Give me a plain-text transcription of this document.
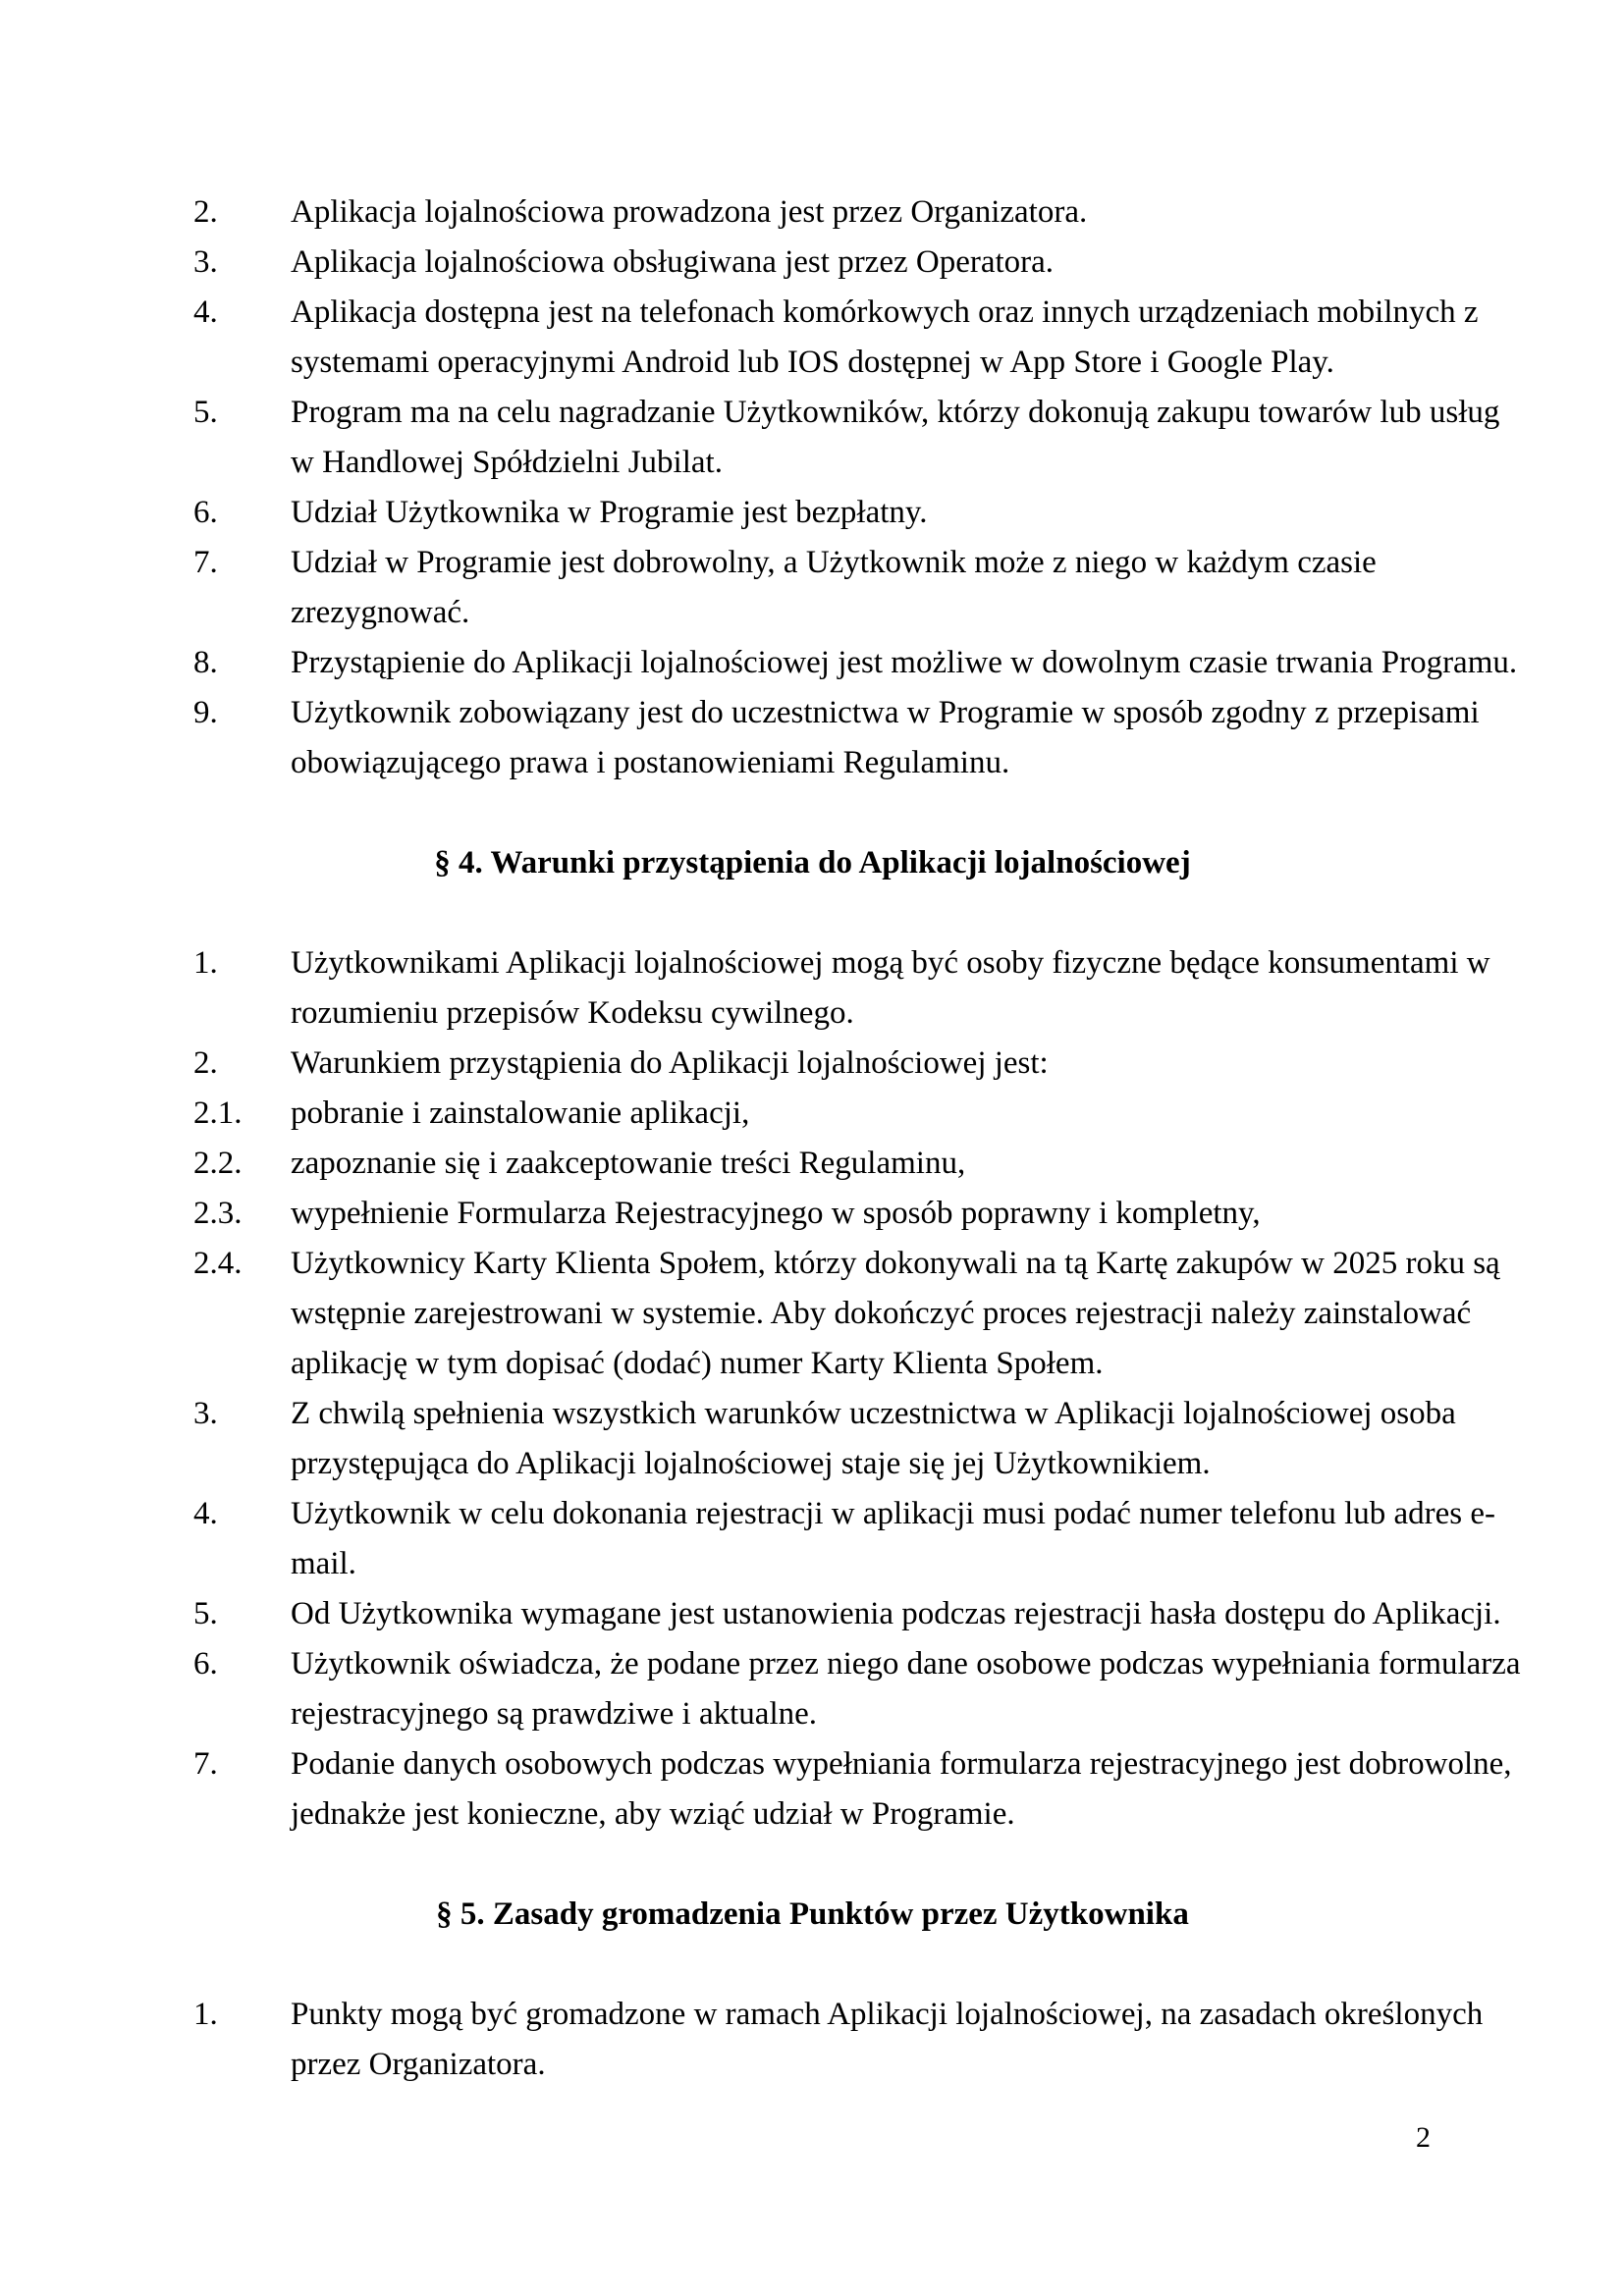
2.	Aplikacja lojalnościowa prowadzona jest przez Organizatora.
3.	Aplikacja lojalnościowa obsługiwana jest przez Operatora.
4.	Aplikacja dostępna jest na telefonach komórkowych oraz innych urządzeniach mobilnych z
systemami operacyjnymi Android lub IOS dostępnej w App Store i Google Play.
5.	Program ma na celu nagradzanie Użytkowników, którzy dokonują zakupu towarów lub usług
w Handlowej Spółdzielni Jubilat.
6.	Udział Użytkownika w Programie jest bezpłatny.
7.	Udział w Programie jest dobrowolny, a Użytkownik może z niego w każdym czasie
zrezygnować.
8.	Przystąpienie do Aplikacji lojalnościowej jest możliwe w dowolnym czasie trwania Programu.
9.	Użytkownik zobowiązany jest do uczestnictwa w Programie w sposób zgodny z przepisami
obowiązującego prawa i postanowieniami Regulaminu.
§ 4. Warunki przystąpienia do Aplikacji lojalnościowej
1.	Użytkownikami Aplikacji lojalnościowej mogą być osoby fizyczne będące konsumentami w
rozumieniu przepisów Kodeksu cywilnego.
2.	Warunkiem przystąpienia do Aplikacji lojalnościowej jest:
2.1.	pobranie i zainstalowanie aplikacji,
2.2.	zapoznanie się i zaakceptowanie treści Regulaminu,
2.3.	wypełnienie Formularza Rejestracyjnego w sposób poprawny i kompletny,
2.4.	Użytkownicy Karty Klienta Społem, którzy dokonywali na tą Kartę zakupów w 2025 roku są
wstępnie zarejestrowani w systemie. Aby dokończyć proces rejestracji należy zainstalować
aplikację w tym dopisać (dodać) numer Karty Klienta Społem.
3.	Z chwilą spełnienia wszystkich warunków uczestnictwa w Aplikacji lojalnościowej osoba
przystępująca do Aplikacji lojalnościowej staje się jej Użytkownikiem.
4.	Użytkownik w celu dokonania rejestracji w aplikacji musi podać numer telefonu lub adres e-
mail.
5.	Od Użytkownika wymagane jest ustanowienia podczas rejestracji hasła dostępu do Aplikacji.
6.	Użytkownik oświadcza, że podane przez niego dane osobowe podczas wypełniania formularza
rejestracyjnego są prawdziwe i aktualne.
7.	Podanie danych osobowych podczas wypełniania formularza rejestracyjnego jest dobrowolne,
jednakże jest konieczne, aby wziąć udział w Programie.
§ 5. Zasady gromadzenia Punktów przez Użytkownika
1.	Punkty mogą być gromadzone w ramach Aplikacji lojalnościowej, na zasadach określonych
przez Organizatora.
2
